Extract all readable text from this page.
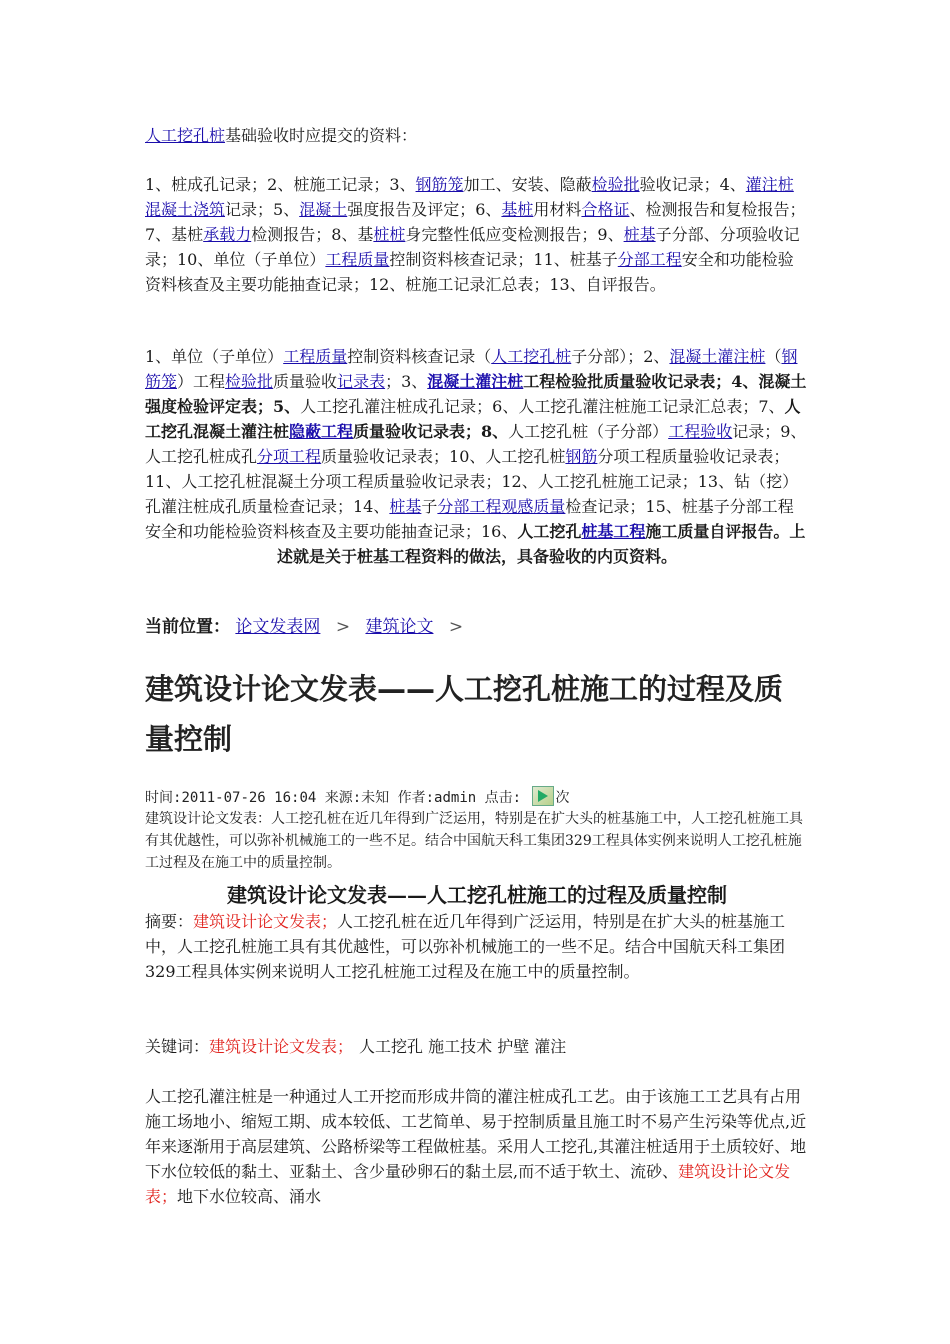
人工挖孔桩基础验收时应提交的资料：

1、桩成孔记录；2、桩施工记录；3、钢筋笼加工、安装、隐蔽检验批验收记录；4、灌注桩混凝土浇筑记录；5、混凝土强度报告及评定；6、基桩用材料合格证、检测报告和复检报告；7、基桩承载力检测报告；8、基桩桩身完整性低应变检测报告；9、桩基子分部、分项验收记录；10、单位（子单位）工程质量控制资料核查记录；11、桩基子分部工程安全和功能检验资料核查及主要功能抽查记录；12、桩施工记录汇总表；13、自评报告。

1、单位（子单位）工程质量控制资料核查记录（人工挖孔桩子分部）；2、混凝土灌注桩（钢筋笼）工程检验批质量验收记录表；3、混凝土灌注桩工程检验批质量验收记录表；4、混凝土强度检验评定表；5、人工挖孔灌注桩成孔记录；6、人工挖孔灌注桩施工记录汇总表；7、人工挖孔混凝土灌注桩隐蔽工程质量验收记录表；8、人工挖孔桩（子分部）工程验收记录；9、人工挖孔桩成孔分项工程质量验收记录表；10、人工挖孔桩钢筋分项工程质量验收记录表；11、人工挖孔桩混凝土分项工程质量验收记录表；12、人工挖孔桩施工记录；13、钻（挖）孔灌注桩成孔质量检查记录；14、桩基子分部工程观感质量检查记录；15、桩基子分部工程安全和功能检验资料核查及主要功能抽查记录；16、人工挖孔桩基工程施工质量自评报告。上

述就是关于桩基工程资料的做法，具备验收的内页资料。

当前位置： 论文发表网 > 建筑论文 >
建筑设计论文发表——人工挖孔桩施工的过程及质量控制
时间:2011-07-26 16:04 来源:未知 作者:admin 点击: 次

建筑设计论文发表：人工挖孔桩在近几年得到广泛运用，特别是在扩大头的桩基施工中，人工挖孔桩施工具有其优越性，可以弥补机械施工的一些不足。结合中国航天科工集团329工程具体实例来说明人工挖孔桩施工过程及在施工中的质量控制。

建筑设计论文发表——人工挖孔桩施工的过程及质量控制

摘要：建筑设计论文发表；人工挖孔桩在近几年得到广泛运用，特别是在扩大头的桩基施工中，人工挖孔桩施工具有其优越性，可以弥补机械施工的一些不足。结合中国航天科工集团329工程具体实例来说明人工挖孔桩施工过程及在施工中的质量控制。

关键词：建筑设计论文发表； 人工挖孔 施工技术 护壁 灌注

人工挖孔灌注桩是一种通过人工开挖而形成井筒的灌注桩成孔工艺。由于该施工工艺具有占用施工场地小、缩短工期、成本较低、工艺简单、易于控制质量且施工时不易产生污染等优点,近年来逐渐用于高层建筑、公路桥梁等工程做桩基。采用人工挖孔,其灌注桩适用于土质较好、地下水位较低的黏土、亚黏土、含少量砂卵石的黏土层,而不适于软土、流砂、建筑设计论文发表；地下水位较高、涌水
